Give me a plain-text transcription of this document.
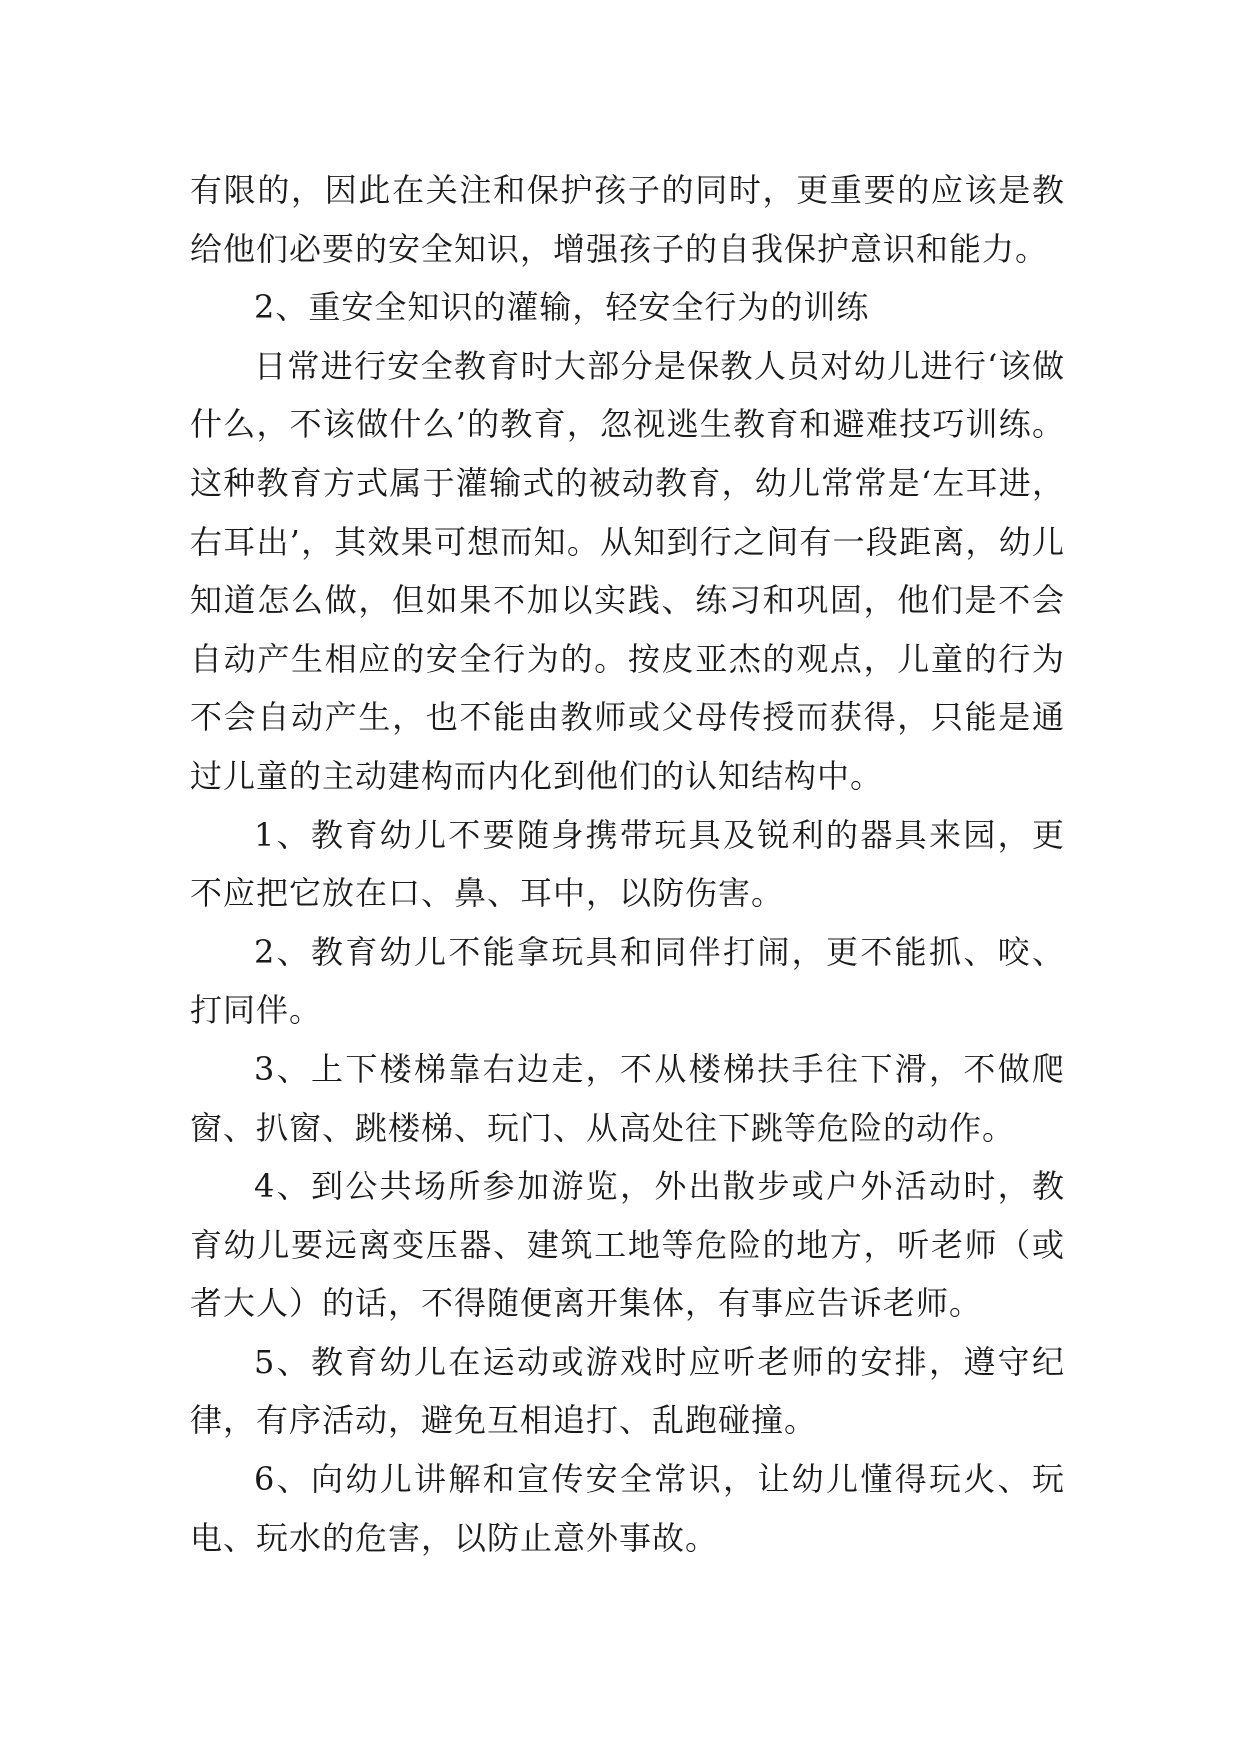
有限的，因此在关注和保护孩子的同时，更重要的应该是教给他们必要的安全知识，增强孩子的自我保护意识和能力。

2、重安全知识的灌输，轻安全行为的训练

日常进行安全教育时大部分是保教人员对幼儿进行‘该做什么，不该做什么’的教育，忽视逃生教育和避难技巧训练。这种教育方式属于灌输式的被动教育，幼儿常常是‘左耳进，右耳出’，其效果可想而知。从知到行之间有一段距离，幼儿知道怎么做，但如果不加以实践、练习和巩固，他们是不会自动产生相应的安全行为的。按皮亚杰的观点，儿童的行为不会自动产生，也不能由教师或父母传授而获得，只能是通过儿童的主动建构而内化到他们的认知结构中。

1、教育幼儿不要随身携带玩具及锐利的器具来园，更不应把它放在口、鼻、耳中，以防伤害。

2、教育幼儿不能拿玩具和同伴打闹，更不能抓、咬、打同伴。

3、上下楼梯靠右边走，不从楼梯扶手往下滑，不做爬窗、扒窗、跳楼梯、玩门、从高处往下跳等危险的动作。

4、到公共场所参加游览，外出散步或户外活动时，教育幼儿要远离变压器、建筑工地等危险的地方，听老师（或者大人）的话，不得随便离开集体，有事应告诉老师。

5、教育幼儿在运动或游戏时应听老师的安排，遵守纪律，有序活动，避免互相追打、乱跑碰撞。

6、向幼儿讲解和宣传安全常识，让幼儿懂得玩火、玩电、玩水的危害，以防止意外事故。
